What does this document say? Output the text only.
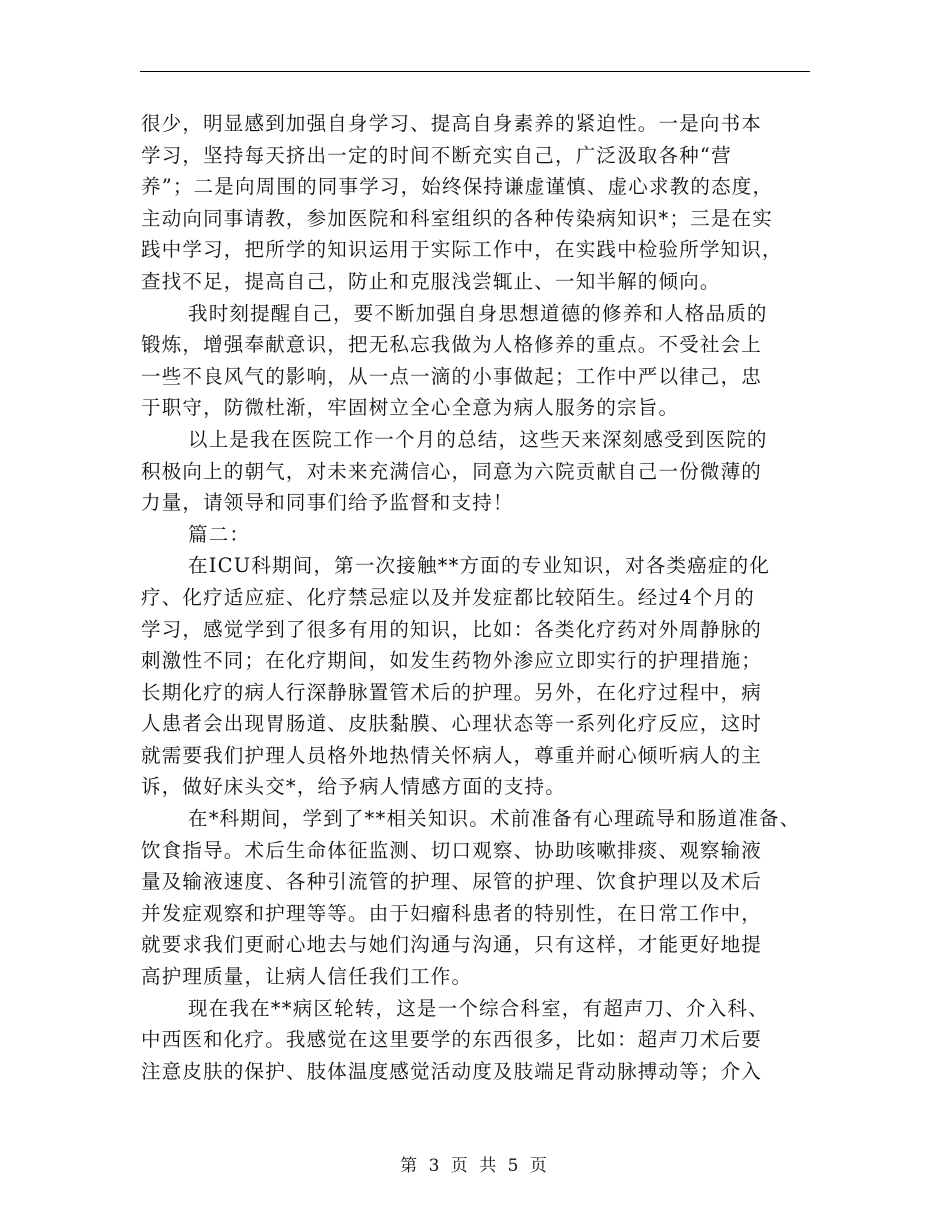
很少，明显感到加强自身学习、提高自身素养的紧迫性。一是向书本
学习，坚持每天挤出一定的时间不断充实自己，广泛汲取各种“营
养”；二是向周围的同事学习，始终保持谦虚谨慎、虚心求教的态度，
主动向同事请教，参加医院和科室组织的各种传染病知识*；三是在实
践中学习，把所学的知识运用于实际工作中，在实践中检验所学知识，
查找不足，提高自己，防止和克服浅尝辄止、一知半解的倾向。
我时刻提醒自己，要不断加强自身思想道德的修养和人格品质的
锻炼，增强奉献意识，把无私忘我做为人格修养的重点。不受社会上
一些不良风气的影响，从一点一滴的小事做起；工作中严以律己，忠
于职守，防微杜渐，牢固树立全心全意为病人服务的宗旨。
以上是我在医院工作一个月的总结，这些天来深刻感受到医院的
积极向上的朝气，对未来充满信心，同意为六院贡献自己一份微薄的
力量，请领导和同事们给予监督和支持！
篇二：
在ICU科期间，第一次接触**方面的专业知识，对各类癌症的化
疗、化疗适应症、化疗禁忌症以及并发症都比较陌生。经过4个月的
学习，感觉学到了很多有用的知识，比如：各类化疗药对外周静脉的
刺激性不同；在化疗期间，如发生药物外渗应立即实行的护理措施；
长期化疗的病人行深静脉置管术后的护理。另外，在化疗过程中，病
人患者会出现胃肠道、皮肤黏膜、心理状态等一系列化疗反应，这时
就需要我们护理人员格外地热情关怀病人，尊重并耐心倾听病人的主
诉，做好床头交*，给予病人情感方面的支持。
在*科期间，学到了**相关知识。术前准备有心理疏导和肠道准备、
饮食指导。术后生命体征监测、切口观察、协助咳嗽排痰、观察输液
量及输液速度、各种引流管的护理、尿管的护理、饮食护理以及术后
并发症观察和护理等等。由于妇瘤科患者的特别性，在日常工作中，
就要求我们更耐心地去与她们沟通与沟通，只有这样，才能更好地提
高护理质量，让病人信任我们工作。
现在我在**病区轮转，这是一个综合科室，有超声刀、介入科、
中西医和化疗。我感觉在这里要学的东西很多，比如：超声刀术后要
注意皮肤的保护、肢体温度感觉活动度及肢端足背动脉搏动等；介入
第 3 页 共 5 页
